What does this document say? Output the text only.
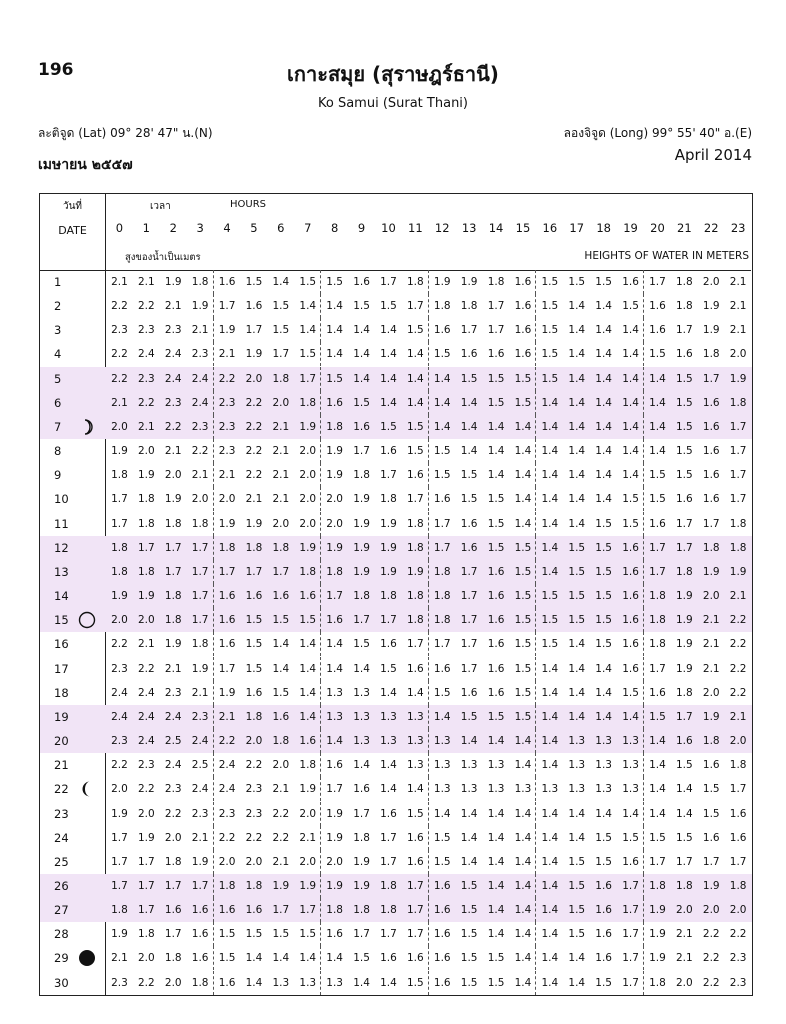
196	เกาะสมุย (สุราษฎร์ธานี)
Ko Samui (Surat Thani)
ละติจูด (Lat) 09° 28' 47" น.(N)	ลองจิจูด (Long) 99° 55' 40" อ.(E)
เมษายน ๒๕๕๗
April 2014
วันที่
DATE
เวลา	HOURS
0	1	2	3	4	5	6	7	8	9	10	11	12	13	14	15	16	17	18	19	20	21	22	23
สูงของน้ำเป็นเมตร	HEIGHTS OF WATER IN METERS
1	2.1 2.1 1.9 1.8 1.6 1.5 1.4 1.5 1.5 1.6 1.7 1.8 1.9 1.9 1.8 1.6 1.5 1.5 1.5 1.6 1.7 1.8 2.0 2.1
2	2.2 2.2 2.1 1.9 1.7 1.6 1.5 1.4 1.4 1.5 1.5 1.7 1.8 1.8 1.7 1.6 1.5 1.4 1.4 1.5 1.6 1.8 1.9 2.1
3	2.3 2.3 2.3 2.1 1.9 1.7 1.5 1.4 1.4 1.4 1.4 1.5 1.6 1.7 1.7 1.6 1.5 1.4 1.4 1.4 1.6 1.7 1.9 2.1
4	2.2 2.4 2.4 2.3 2.1 1.9 1.7 1.5 1.4 1.4 1.4 1.4 1.5 1.6 1.6 1.6 1.5 1.4 1.4 1.4 1.5 1.6 1.8 2.0
5	2.2 2.3 2.4 2.4 2.2 2.0 1.8 1.7 1.5 1.4 1.4 1.4 1.4 1.5 1.5 1.5 1.5 1.4 1.4 1.4 1.4 1.5 1.7 1.9
6	2.1 2.2 2.3 2.4 2.3 2.2 2.0 1.8 1.6 1.5 1.4 1.4 1.4 1.4 1.5 1.5 1.4 1.4 1.4 1.4 1.4 1.5 1.6 1.8
7	2.0 2.1 2.2 2.3 2.3 2.2 2.1 1.9 1.8 1.6 1.5 1.5 1.4 1.4 1.4 1.4 1.4 1.4 1.4 1.4 1.4 1.5 1.6 1.7
8	1.9 2.0 2.1 2.2 2.3 2.2 2.1 2.0 1.9 1.7 1.6 1.5 1.5 1.4 1.4 1.4 1.4 1.4 1.4 1.4 1.4 1.5 1.6 1.7
9	1.8 1.9 2.0 2.1 2.1 2.2 2.1 2.0 1.9 1.8 1.7 1.6 1.5 1.5 1.4 1.4 1.4 1.4 1.4 1.4 1.5 1.5 1.6 1.7
10	1.7 1.8 1.9 2.0 2.0 2.1 2.1 2.0 2.0 1.9 1.8 1.7 1.6 1.5 1.5 1.4 1.4 1.4 1.4 1.5 1.5 1.6 1.6 1.7
11	1.7 1.8 1.8 1.8 1.9 1.9 2.0 2.0 2.0 1.9 1.9 1.8 1.7 1.6 1.5 1.4 1.4 1.4 1.5 1.5 1.6 1.7 1.7 1.8
12	1.8 1.7 1.7 1.7 1.8 1.8 1.8 1.9 1.9 1.9 1.9 1.8 1.7 1.6 1.5 1.5 1.4 1.5 1.5 1.6 1.7 1.7 1.8 1.8
13	1.8 1.8 1.7 1.7 1.7 1.7 1.7 1.8 1.8 1.9 1.9 1.9 1.8 1.7 1.6 1.5 1.4 1.5 1.5 1.6 1.7 1.8 1.9 1.9
14	1.9 1.9 1.8 1.7 1.6 1.6 1.6 1.6 1.7 1.8 1.8 1.8 1.8 1.7 1.6 1.5 1.5 1.5 1.5 1.6 1.8 1.9 2.0 2.1
15	2.0 2.0 1.8 1.7 1.6 1.5 1.5 1.5 1.6 1.7 1.7 1.8 1.8 1.7 1.6 1.5 1.5 1.5 1.5 1.6 1.8 1.9 2.1 2.2
16	2.2 2.1 1.9 1.8 1.6 1.5 1.4 1.4 1.4 1.5 1.6 1.7 1.7 1.7 1.6 1.5 1.5 1.4 1.5 1.6 1.8 1.9 2.1 2.2
17	2.3 2.2 2.1 1.9 1.7 1.5 1.4 1.4 1.4 1.4 1.5 1.6 1.6 1.7 1.6 1.5 1.4 1.4 1.4 1.6 1.7 1.9 2.1 2.2
18	2.4 2.4 2.3 2.1 1.9 1.6 1.5 1.4 1.3 1.3 1.4 1.4 1.5 1.6 1.6 1.5 1.4 1.4 1.4 1.5 1.6 1.8 2.0 2.2
19	2.4 2.4 2.4 2.3 2.1 1.8 1.6 1.4 1.3 1.3 1.3 1.3 1.4 1.5 1.5 1.5 1.4 1.4 1.4 1.4 1.5 1.7 1.9 2.1
20	2.3 2.4 2.5 2.4 2.2 2.0 1.8 1.6 1.4 1.3 1.3 1.3 1.3 1.4 1.4 1.4 1.4 1.3 1.3 1.3 1.4 1.6 1.8 2.0
21	2.2 2.3 2.4 2.5 2.4 2.2 2.0 1.8 1.6 1.4 1.4 1.3 1.3 1.3 1.3 1.4 1.4 1.3 1.3 1.3 1.4 1.5 1.6 1.8
22	2.0 2.2 2.3 2.4 2.4 2.3 2.1 1.9 1.7 1.6 1.4 1.4 1.3 1.3 1.3 1.3 1.3 1.3 1.3 1.3 1.4 1.4 1.5 1.7
23	1.9 2.0 2.2 2.3 2.3 2.3 2.2 2.0 1.9 1.7 1.6 1.5 1.4 1.4 1.4 1.4 1.4 1.4 1.4 1.4 1.4 1.4 1.5 1.6
24	1.7 1.9 2.0 2.1 2.2 2.2 2.2 2.1 1.9 1.8 1.7 1.6 1.5 1.4 1.4 1.4 1.4 1.4 1.5 1.5 1.5 1.5 1.6 1.6
25	1.7 1.7 1.8 1.9 2.0 2.0 2.1 2.0 2.0 1.9 1.7 1.6 1.5 1.4 1.4 1.4 1.4 1.5 1.5 1.6 1.7 1.7 1.7 1.7
26	1.7 1.7 1.7 1.7 1.8 1.8 1.9 1.9 1.9 1.9 1.8 1.7 1.6 1.5 1.4 1.4 1.4 1.5 1.6 1.7 1.8 1.8 1.9 1.8
27	1.8 1.7 1.6 1.6 1.6 1.6 1.7 1.7 1.8 1.8 1.8 1.7 1.6 1.5 1.4 1.4 1.4 1.5 1.6 1.7 1.9 2.0 2.0 2.0
28	1.9 1.8 1.7 1.6 1.5 1.5 1.5 1.5 1.6 1.7 1.7 1.7 1.6 1.5 1.4 1.4 1.4 1.5 1.6 1.7 1.9 2.1 2.2 2.2
29	2.1 2.0 1.8 1.6 1.5 1.4 1.4 1.4 1.4 1.5 1.6 1.6 1.6 1.5 1.5 1.4 1.4 1.4 1.6 1.7 1.9 2.1 2.2 2.3
30	2.3 2.2 2.0 1.8 1.6 1.4 1.3 1.3 1.3 1.4 1.4 1.5 1.6 1.5 1.5 1.4 1.4 1.4 1.5 1.7 1.8 2.0 2.2 2.3
